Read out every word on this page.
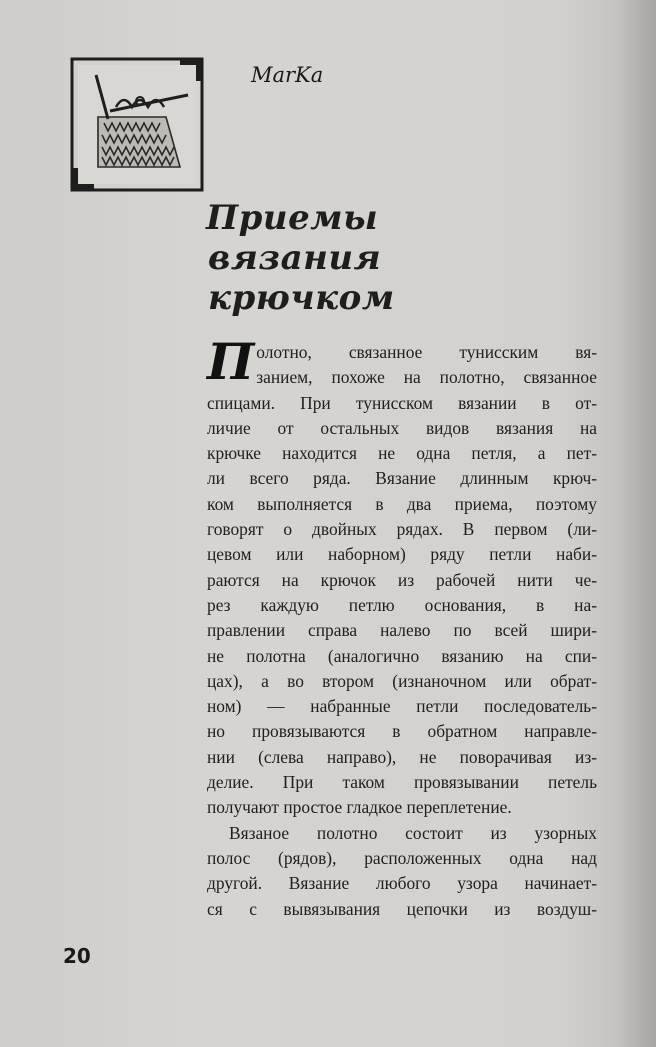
MarKa
Приемы
вязания крючком

П олотно, связанное тунисским вя-
занием, похоже на полотно, связанное
спицами. При тунисском вязании в от-
личие от остальных видов вязания на
крючке находится не одна петля, а пет-
ли всего ряда. Вязание длинным крюч-
ком выполняется в два приема, поэтому
говорят о двойных рядах. В первом (ли-
цевом или наборном) ряду петли наби-
раются на крючок из рабочей нити че-
рез каждую петлю основания, в на-
правлении справа налево по всей шири-
не полотна (аналогично вязанию на спи-
цах), а во втором (изнаночном или обрат-
ном) — набранные петли последователь-
но провязываются в обратном направле-
нии (слева направо), не поворачивая из-
делие. При таком провязывании петель
получают простое гладкое переплетение.

Вязаное полотно состоит из узорных
полос (рядов), расположенных одна над
другой. Вязание любого узора начинает-
ся с вывязывания цепочки из воздуш-

20
